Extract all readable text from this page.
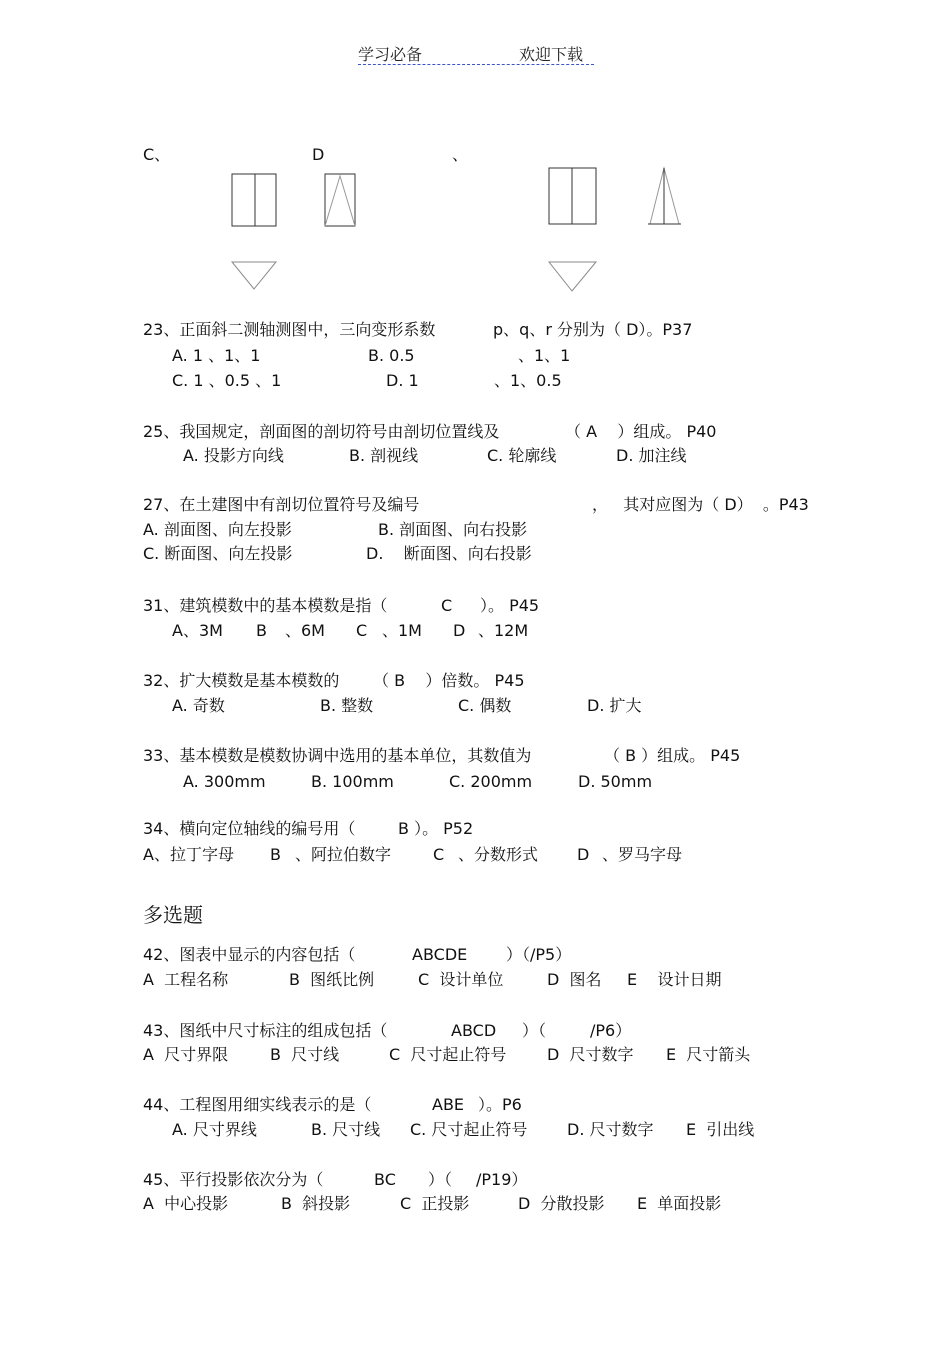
学习必备	欢迎下载
C、	D	、
23、正面斜二测轴测图中，三向变形系数	p、q、r 分别为（ D）。P37
A. 1 、1、1	B. 0.5	、1、1
C. 1 、0.5 、1	D. 1	、1、0.5
25、我国规定，剖面图的剖切符号由剖切位置线及	（ A    ）组成。 P40
A. 投影方向线	B. 剖视线	C. 轮廓线	D. 加注线
27、在土建图中有剖切位置符号及编号	，   其对应图为（ D）  。P43
A. 剖面图、向左投影	B. 剖面图、向右投影
C. 断面图、向左投影	D.    断面图、向右投影
31、建筑模数中的基本模数是指（	C ）。 P45
A、3M B 、6M C 、1M D 、12M
32、扩大模数是基本模数的 （ B    ）倍数。 P45
A. 奇数	B. 整数	C. 偶数	D. 扩大
33、基本模数是模数协调中选用的基本单位，其数值为	（ B ）组成。 P45
A. 300mm	B. 100mm	C. 200mm	D. 50mm
34、横向定位轴线的编号用（	B ）。 P52
A、拉丁字母 B 、阿拉伯数字	C 、分数形式 D 、罗马字母
多选题
42、图表中显示的内容包括（	ABCDE ）（/P5）
A  工程名称	B  图纸比例	C  设计单位	D  图名 E    设计日期
43、图纸中尺寸标注的组成包括（	ABCD ）（	/P6）
A  尺寸界限	B  尺寸线	C  尺寸起止符号	D  尺寸数字 E  尺寸箭头
44、工程图用细实线表示的是（	ABE ）。P6
A. 尺寸界线	B. 尺寸线 C. 尺寸起止符号 D. 尺寸数字 E  引出线
45、平行投影依次分为（	BC ）（ /P19）
A  中心投影	B  斜投影	C  正投影	D  分散投影 E  单面投影
